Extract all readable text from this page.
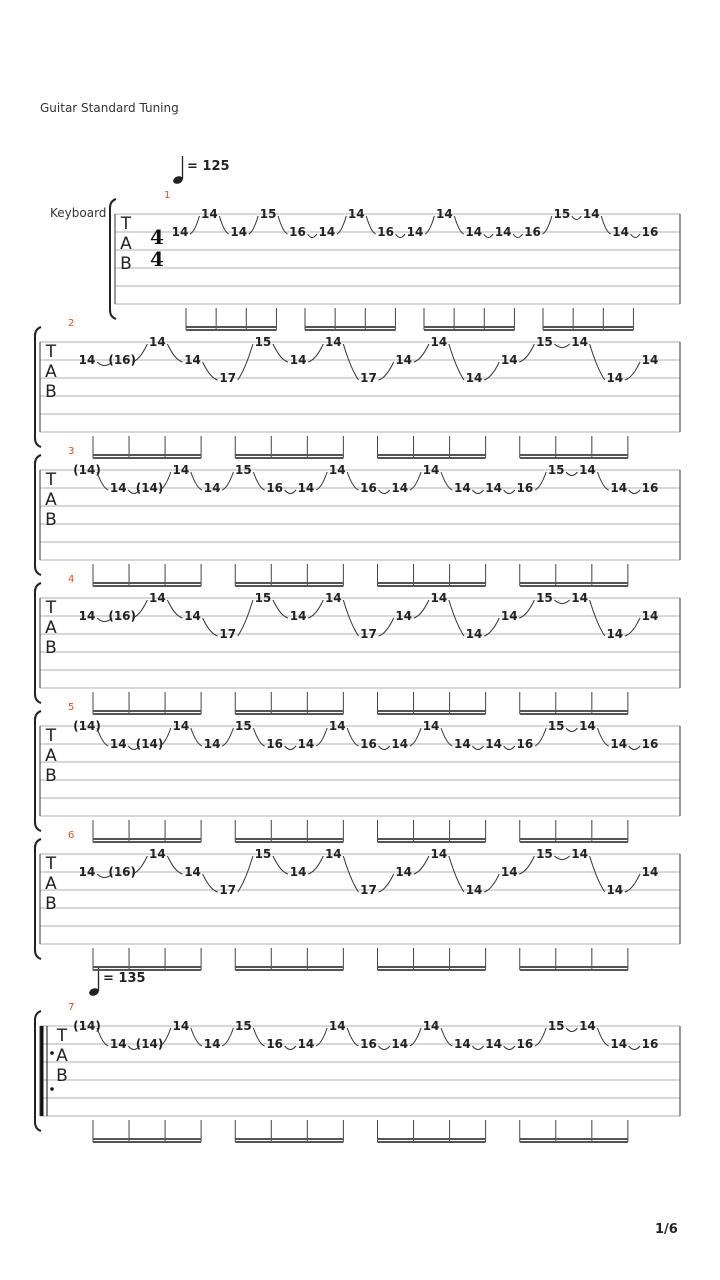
Guitar Standard Tuning
= 125
= 135
Keyboard
T
A
B
4
4
1
14
14
14
15
16 14
14
16 14
14
14 14 16
15 14
14 16
T
A
B
2
14 (16)
14
14
17
15
14
14
17
14
14
14
14
15 14
14
14
T
A
B
3
(14)
14 (14)
14
14
15
16 14
14
16 14
14
14 14 16
15 14
14 16
T
A
B
4
14 (16)
14
14
17
15
14
14
17
14
14
14
14
15 14
14
14
T
A
B
5
(14)
14 (14)
14
14
15
16 14
14
16 14
14
14 14 16
15 14
14 16
T
A
B
6
14 (16)
14
14
17
15
14
14
17
14
14
14
14
15 14
14
14
T
A
B
7
(14)
14 (14)
14
14
15
16 14
14
16 14
14
14 14 16
15 14
14 16
1/6
